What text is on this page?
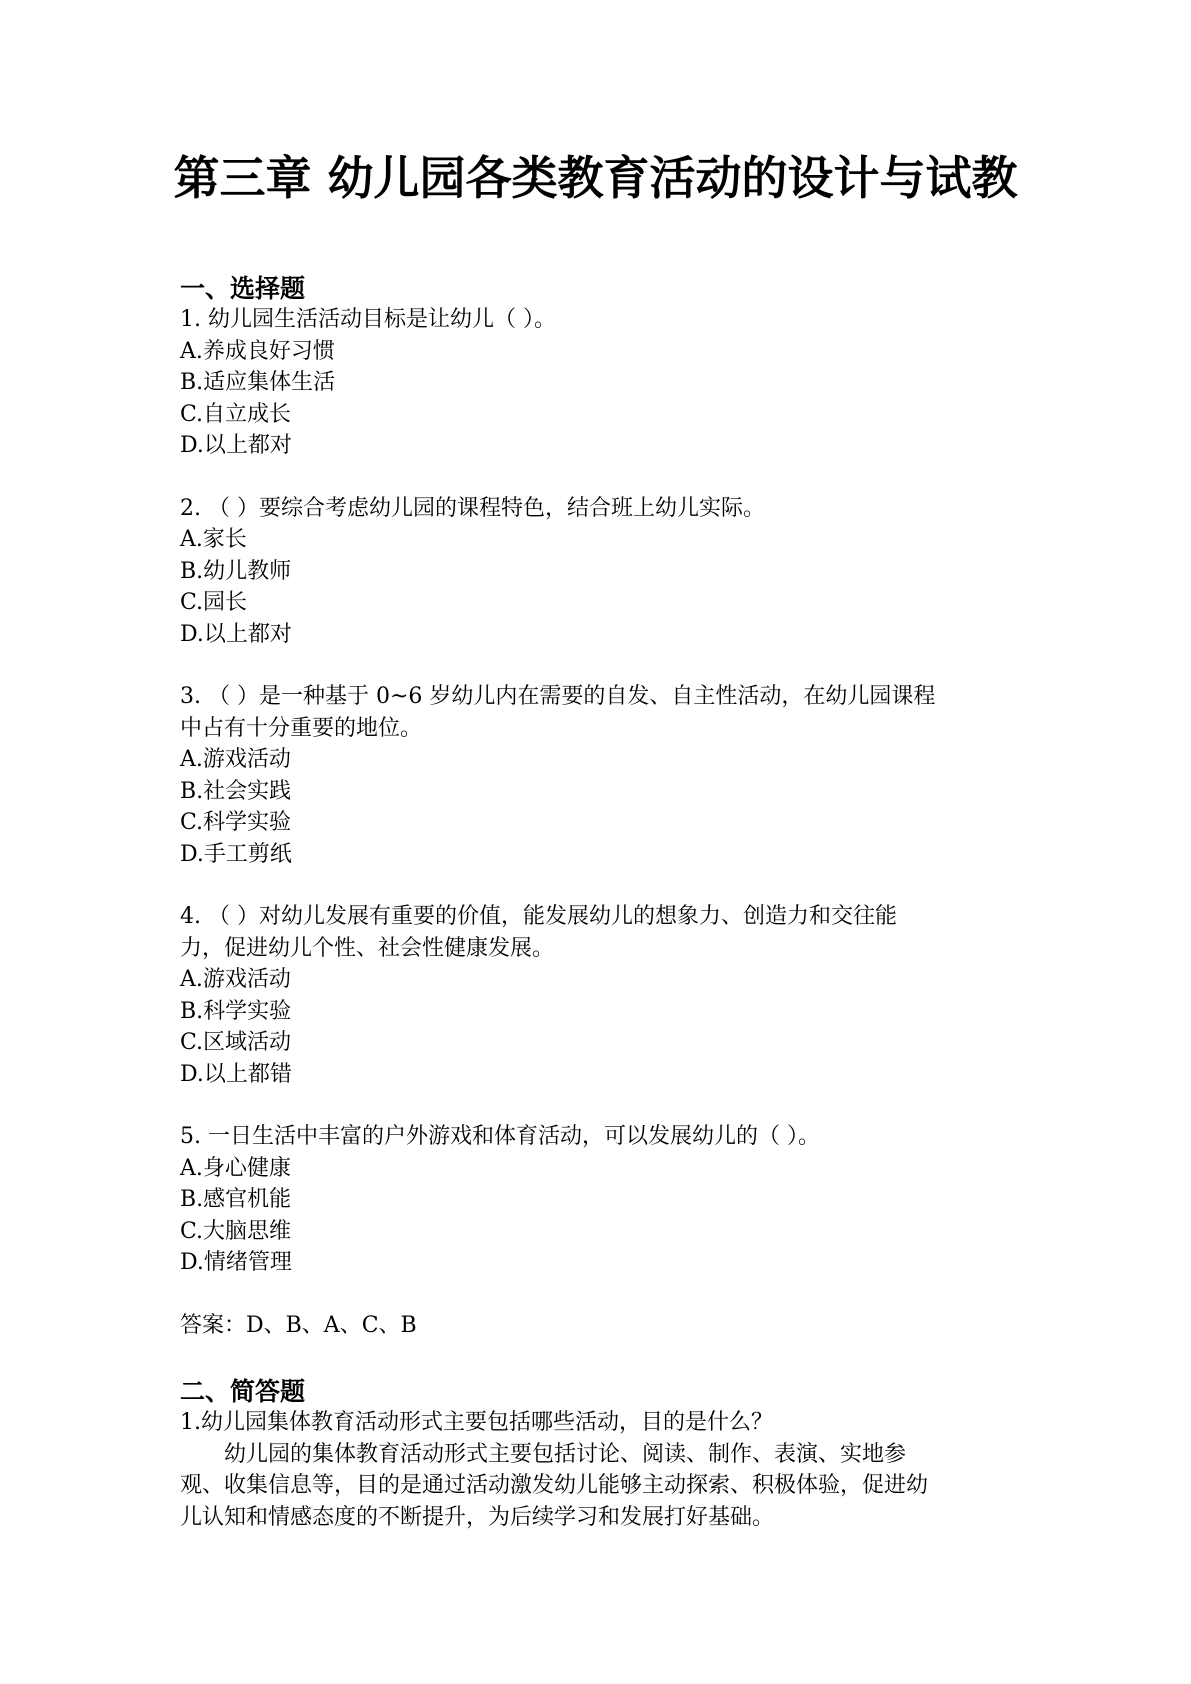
第三章 幼儿园各类教育活动的设计与试教
一、选择题
1. 幼儿园生活活动目标是让幼儿（ ）。
A.养成良好习惯
B.适应集体生活
C.自立成长
D.以上都对
2. （ ）要综合考虑幼儿园的课程特色，结合班上幼儿实际。
A.家长
B.幼儿教师
C.园长
D.以上都对
3. （ ）是一种基于 0~6 岁幼儿内在需要的自发、自主性活动，在幼儿园课程
中占有十分重要的地位。
A.游戏活动
B.社会实践
C.科学实验
D.手工剪纸
4. （ ）对幼儿发展有重要的价值，能发展幼儿的想象力、创造力和交往能
力，促进幼儿个性、社会性健康发展。
A.游戏活动
B.科学实验
C.区域活动
D.以上都错
5. 一日生活中丰富的户外游戏和体育活动，可以发展幼儿的（ ）。
A.身心健康
B.感官机能
C.大脑思维
D.情绪管理
答案：D、B、A、C、B
二、简答题
1.幼儿园集体教育活动形式主要包括哪些活动，目的是什么？
幼儿园的集体教育活动形式主要包括讨论、阅读、制作、表演、实地参
观、收集信息等，目的是通过活动激发幼儿能够主动探索、积极体验，促进幼
儿认知和情感态度的不断提升，为后续学习和发展打好基础。
